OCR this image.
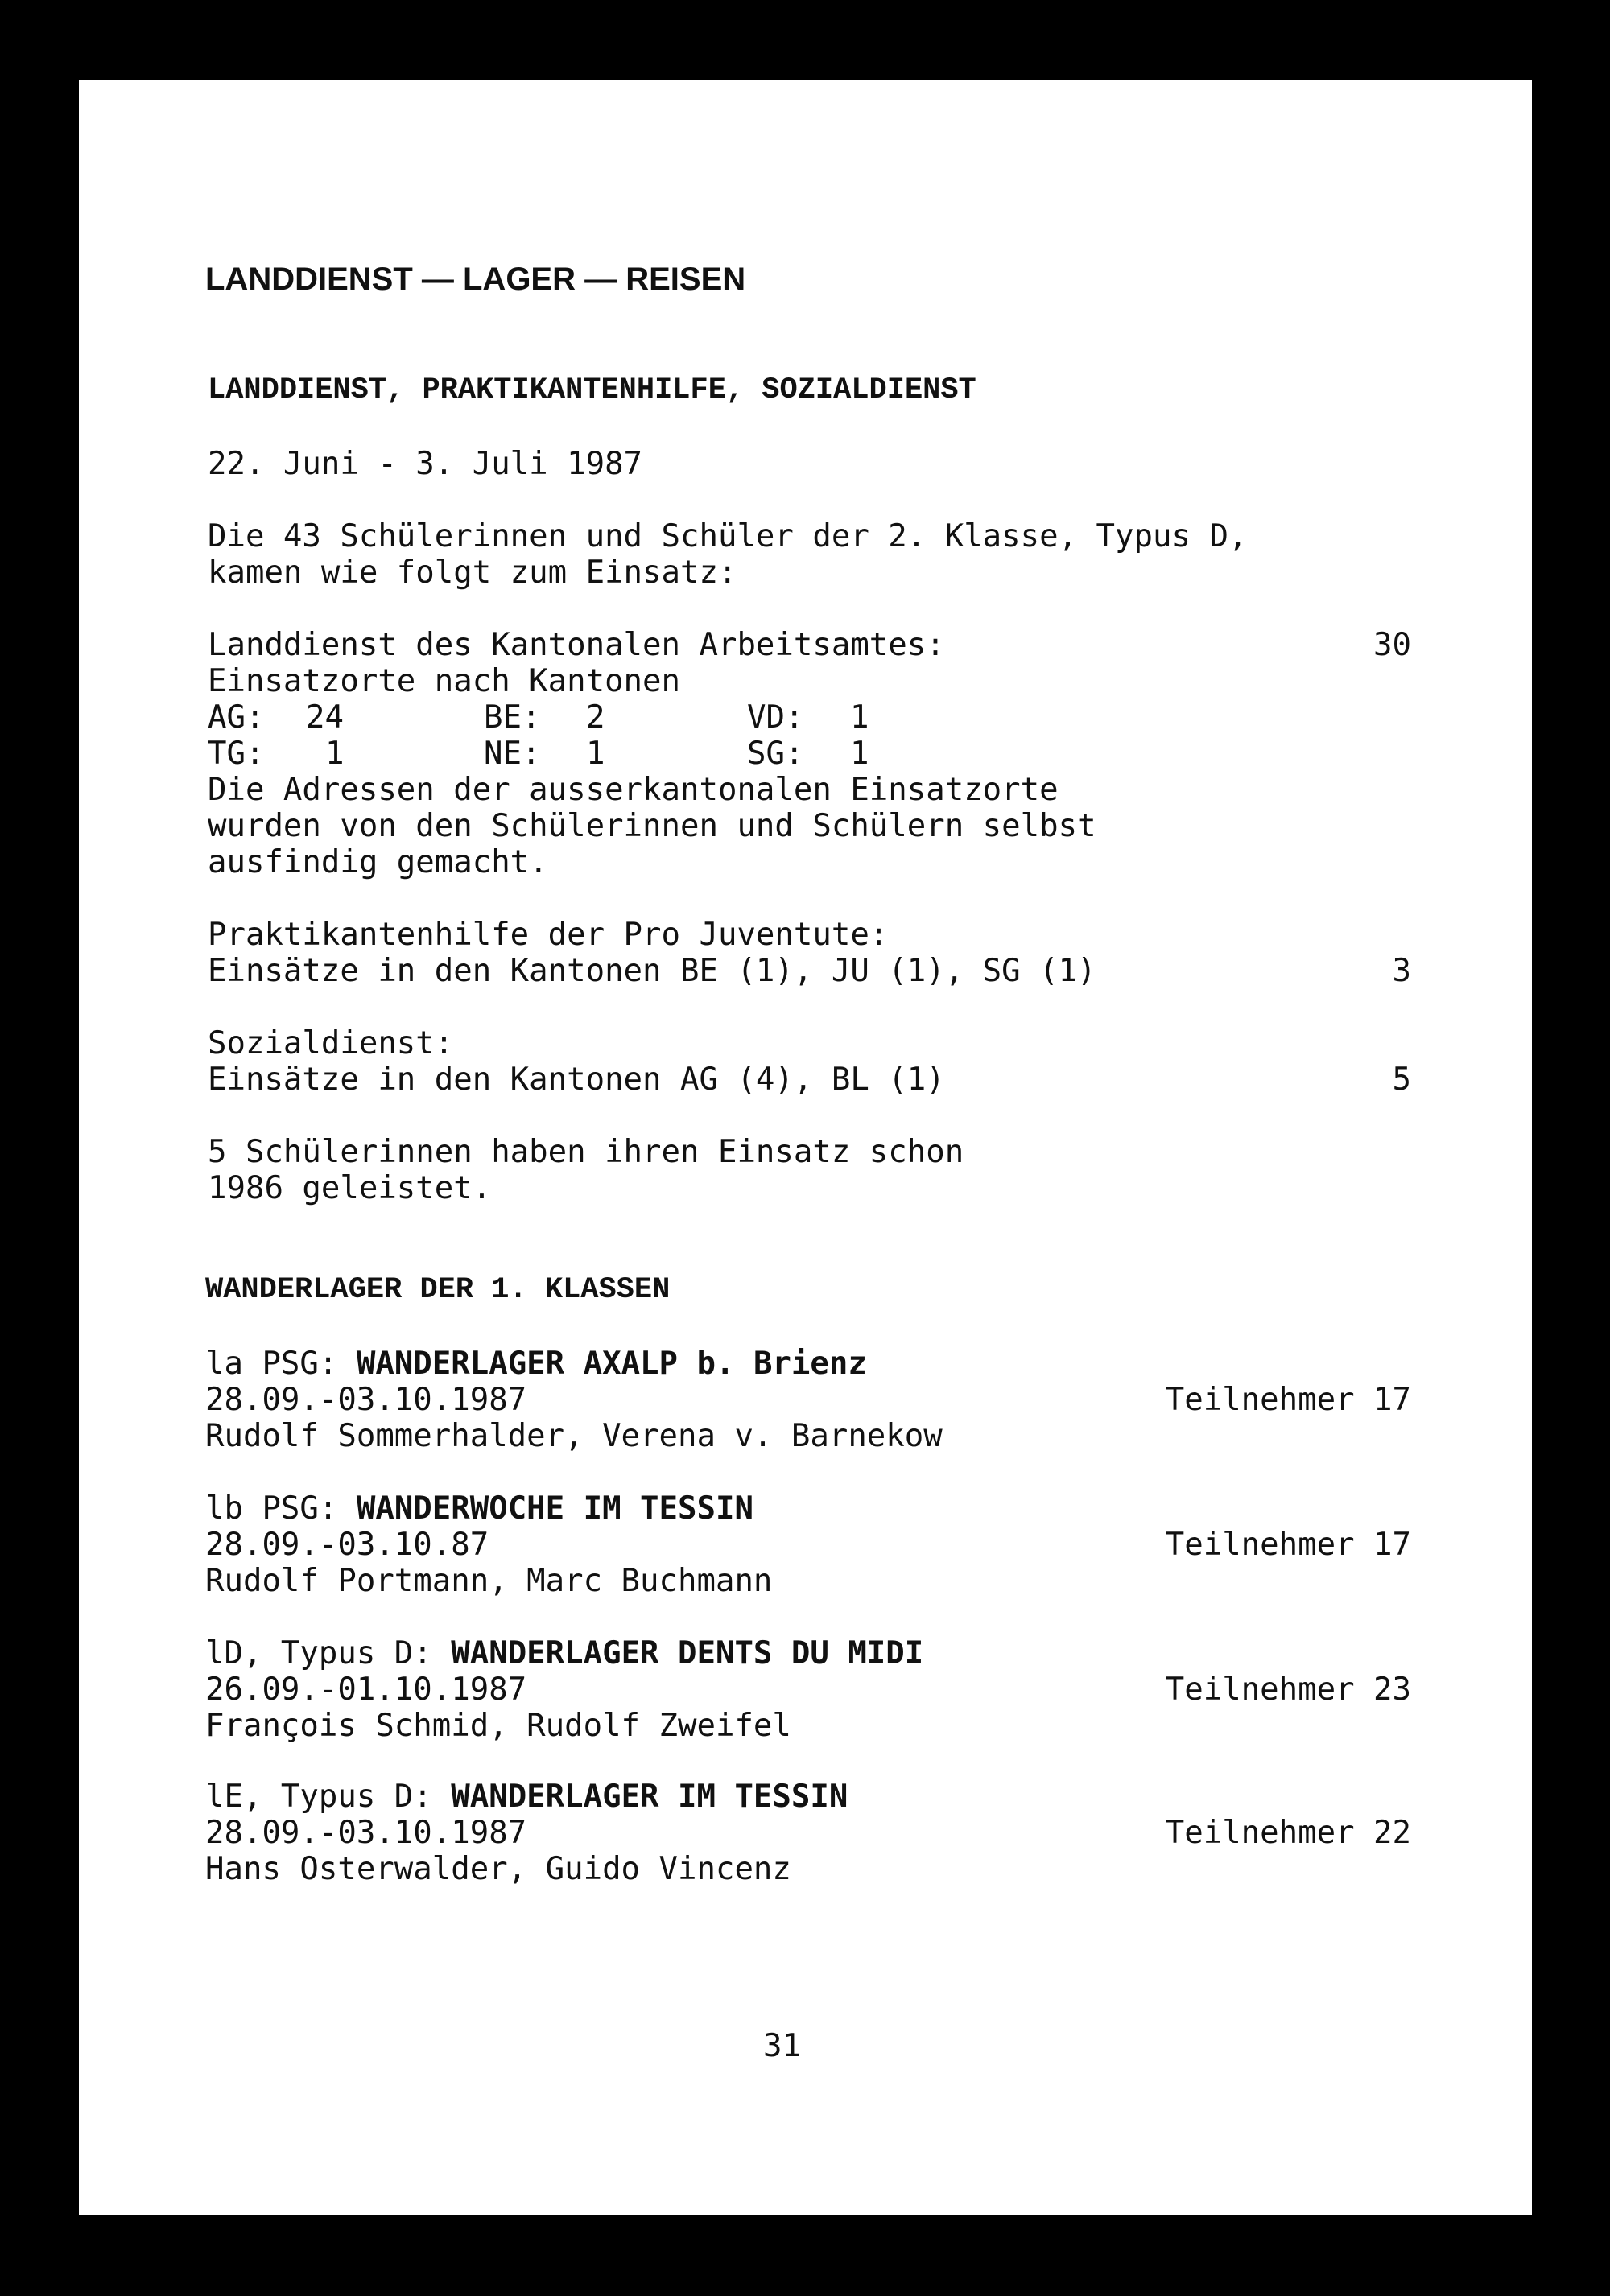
LANDDIENST — LAGER — REISEN
LANDDIENST, PRAKTIKANTENHILFE, SOZIALDIENST
22. Juni - 3. Juli 1987
Die 43 Schülerinnen und Schüler der 2. Klasse, Typus D,
kamen wie folgt zum Einsatz:
Landdienst des Kantonalen Arbeitsamtes:	30
Einsatzorte nach Kantonen
AG: 24	BE: 2	VD: 1
TG: 1	NE: 1	SG: 1
Die Adressen der ausserkantonalen Einsatzorte
wurden von den Schülerinnen und Schülern selbst
ausfindig gemacht.
Praktikantenhilfe der Pro Juventute:
Einsätze in den Kantonen BE (1), JU (1), SG (1)	3
Sozialdienst:
Einsätze in den Kantonen AG (4), BL (1)	5
5 Schülerinnen haben ihren Einsatz schon
1986 geleistet.
WANDERLAGER DER 1. KLASSEN
la PSG: WANDERLAGER AXALP b. Brienz
28.09.-03.10.1987	Teilnehmer 17
Rudolf Sommerhalder, Verena v. Barnekow
lb PSG: WANDERWOCHE IM TESSIN
28.09.-03.10.87	Teilnehmer 17
Rudolf Portmann, Marc Buchmann
lD, Typus D: WANDERLAGER DENTS DU MIDI
26.09.-01.10.1987	Teilnehmer 23
François Schmid, Rudolf Zweifel
lE, Typus D: WANDERLAGER IM TESSIN
28.09.-03.10.1987	Teilnehmer 22
Hans Osterwalder, Guido Vincenz
31
